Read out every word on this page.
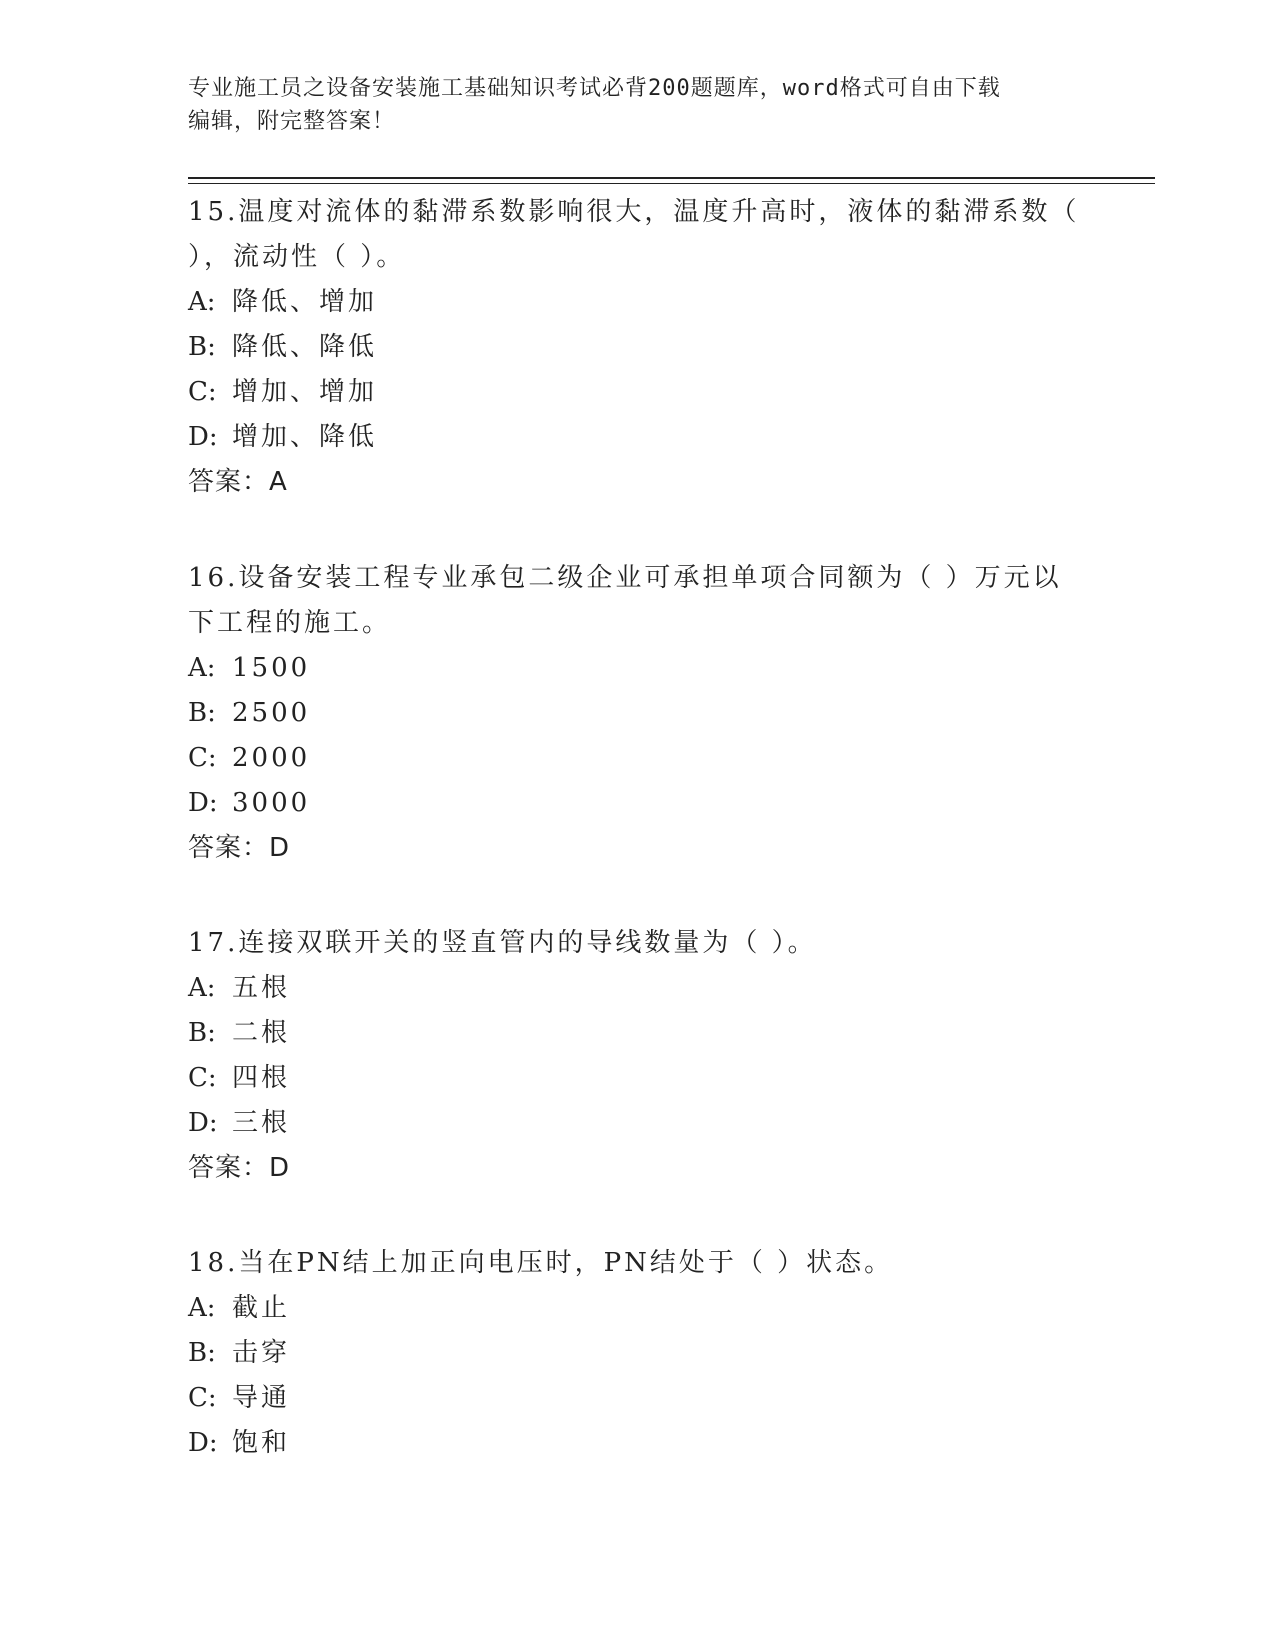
专业施工员之设备安装施工基础知识考试必背200题题库，word格式可自由下载
编辑，附完整答案！

15.温度对流体的黏滞系数影响很大，温度升高时，液体的黏滞系数（

），流动性（ ）。

A: 降低、增加
B: 降低、降低
C: 增加、增加
D: 增加、降低
答案：A

16.设备安装工程专业承包二级企业可承担单项合同额为（ ）万元以

下工程的施工。

A: 1500
B: 2500
C: 2000
D: 3000
答案：D

17.连接双联开关的竖直管内的导线数量为（ ）。

A: 五根
B: 二根
C: 四根
D: 三根
答案：D

18.当在PN结上加正向电压时，PN结处于（ ）状态。

A: 截止
B: 击穿
C: 导通
D: 饱和
